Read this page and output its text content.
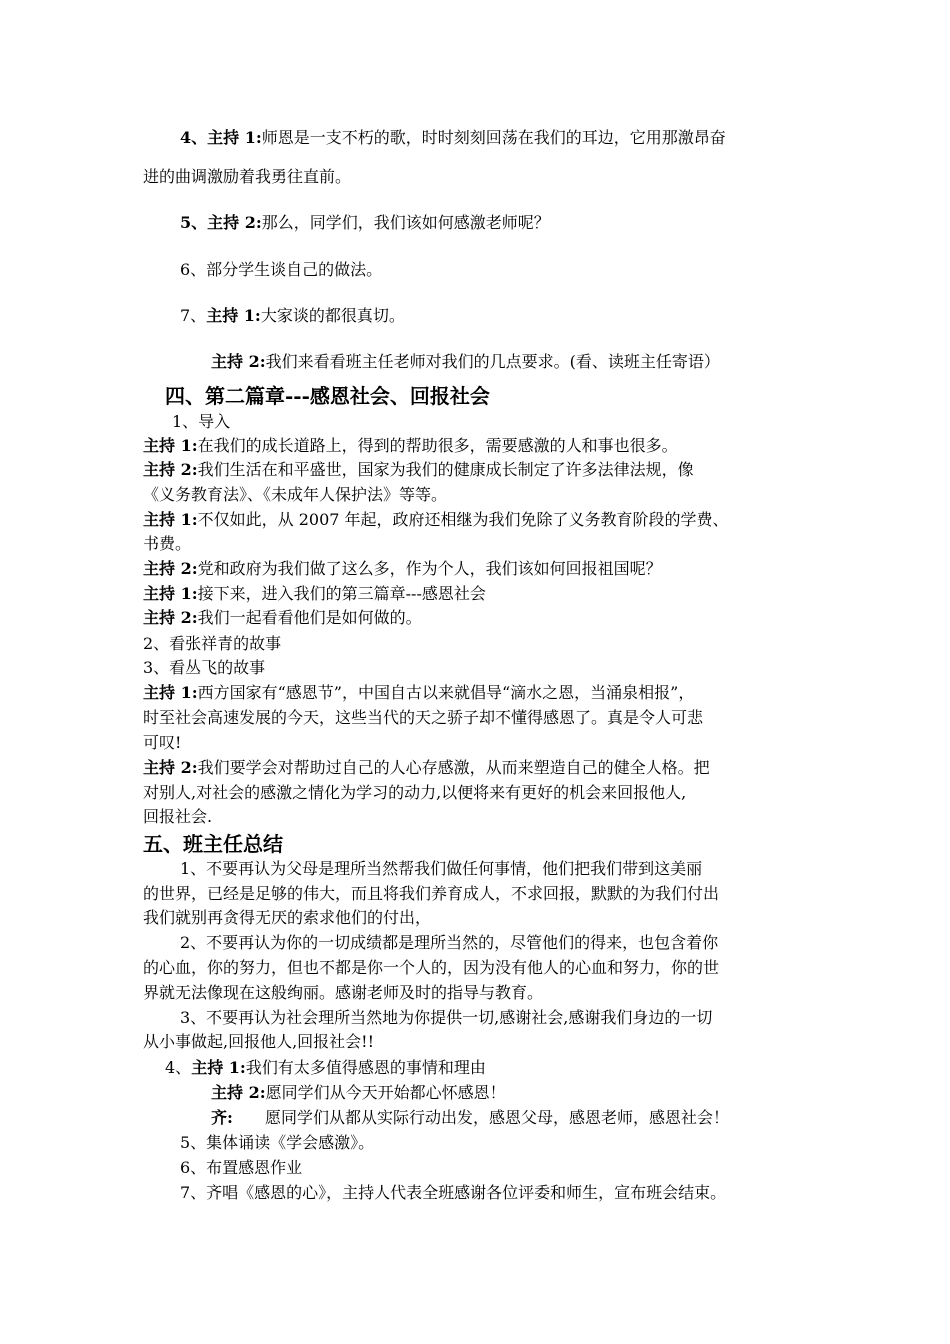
4、主持 1:师恩是一支不朽的歌，时时刻刻回荡在我们的耳边，它用那激昂奋
进的曲调激励着我勇往直前。
5、主持 2:那么，同学们，我们该如何感激老师呢？
6、部分学生谈自己的做法。
7、主持 1:大家谈的都很真切。
主持 2:我们来看看班主任老师对我们的几点要求。(看、读班主任寄语）
四、第二篇章---感恩社会、回报社会
1、导入
主持 1:在我们的成长道路上，得到的帮助很多，需要感激的人和事也很多。
主持 2:我们生活在和平盛世，国家为我们的健康成长制定了许多法律法规，像
《义务教育法》、《未成年人保护法》等等。
主持 1:不仅如此，从 2007 年起，政府还相继为我们免除了义务教育阶段的学费、
书费。
主持 2:党和政府为我们做了这么多，作为个人，我们该如何回报祖国呢？
主持 1:接下来，进入我们的第三篇章---感恩社会
主持 2:我们一起看看他们是如何做的。
2、看张祥青的故事
3、看丛飞的故事
主持 1:西方国家有“感恩节”，中国自古以来就倡导“滴水之恩，当涌泉相报”，
时至社会高速发展的今天，这些当代的天之骄子却不懂得感恩了。真是令人可悲
可叹!
主持 2:我们要学会对帮助过自己的人心存感激，从而来塑造自己的健全人格。把
对别人,对社会的感激之情化为学习的动力,以便将来有更好的机会来回报他人,
回报社会.
五、班主任总结
1、不要再认为父母是理所当然帮我们做任何事情，他们把我们带到这美丽
的世界，已经是足够的伟大，而且将我们养育成人，不求回报，默默的为我们付出
我们就别再贪得无厌的索求他们的付出，
2、不要再认为你的一切成绩都是理所当然的，尽管他们的得来，也包含着你
的心血，你的努力，但也不都是你一个人的，因为没有他人的心血和努力，你的世
界就无法像现在这般绚丽。感谢老师及时的指导与教育。
3、不要再认为社会理所当然地为你提供一切,感谢社会,感谢我们身边的一切
从小事做起,回报他人,回报社会!!
4、主持 1:我们有太多值得感恩的事情和理由
主持 2:愿同学们从今天开始都心怀感恩！
齐: 愿同学们从都从实际行动出发，感恩父母，感恩老师，感恩社会！
5、集体诵读《学会感激》。
6、布置感恩作业
7、齐唱《感恩的心》，主持人代表全班感谢各位评委和师生，宣布班会结束。
